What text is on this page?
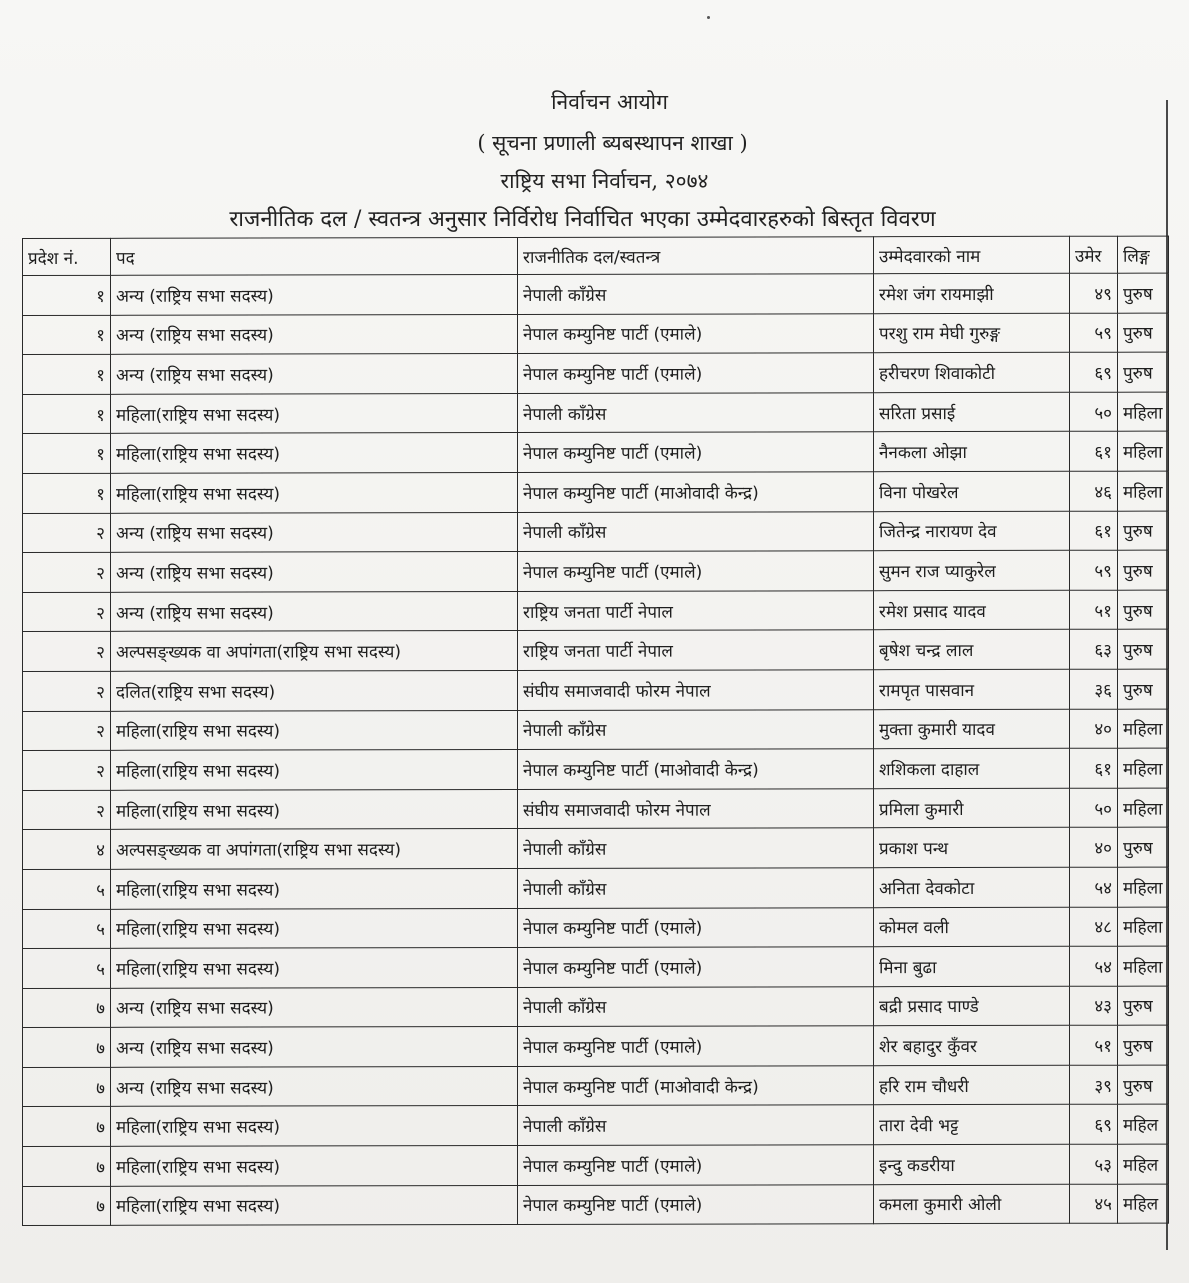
निर्वाचन आयोग
( सूचना प्रणाली ब्यबस्थापन शाखा )
राष्ट्रिय सभा निर्वाचन, २०७४
राजनीतिक दल / स्वतन्त्र अनुसार निर्विरोध निर्वाचित भएका उम्मेदवारहरुको बिस्तृत विवरण
प्रदेश नं.	पद	राजनीतिक दल/स्वतन्त्र	उम्मेदवारको नाम	उमेर	लिङ्ग
१	अन्य (राष्ट्रिय सभा सदस्य)	नेपाली काँग्रेस	रमेश जंग रायमाझी	४९	पुरुष
१	अन्य (राष्ट्रिय सभा सदस्य)	नेपाल कम्युनिष्ट पार्टी (एमाले)	परशु राम मेघी गुरुङ्ग	५९	पुरुष
१	अन्य (राष्ट्रिय सभा सदस्य)	नेपाल कम्युनिष्ट पार्टी (एमाले)	हरीचरण शिवाकोटी	६९	पुरुष
१	महिला(राष्ट्रिय सभा सदस्य)	नेपाली काँग्रेस	सरिता प्रसाई	५०	महिला
१	महिला(राष्ट्रिय सभा सदस्य)	नेपाल कम्युनिष्ट पार्टी (एमाले)	नैनकला ओझा	६१	महिला
१	महिला(राष्ट्रिय सभा सदस्य)	नेपाल कम्युनिष्ट पार्टी (माओवादी केन्द्र)	विना पोखरेल	४६	महिला
२	अन्य (राष्ट्रिय सभा सदस्य)	नेपाली काँग्रेस	जितेन्द्र नारायण देव	६१	पुरुष
२	अन्य (राष्ट्रिय सभा सदस्य)	नेपाल कम्युनिष्ट पार्टी (एमाले)	सुमन राज प्याकुरेल	५९	पुरुष
२	अन्य (राष्ट्रिय सभा सदस्य)	राष्ट्रिय जनता पार्टी नेपाल	रमेश प्रसाद यादव	५१	पुरुष
२	अल्पसङ्ख्यक वा अपांगता(राष्ट्रिय सभा सदस्य)	राष्ट्रिय जनता पार्टी नेपाल	बृषेश चन्द्र लाल	६३	पुरुष
२	दलित(राष्ट्रिय सभा सदस्य)	संघीय समाजवादी फोरम नेपाल	रामपृत पासवान	३६	पुरुष
२	महिला(राष्ट्रिय सभा सदस्य)	नेपाली काँग्रेस	मुक्ता कुमारी यादव	४०	महिला
२	महिला(राष्ट्रिय सभा सदस्य)	नेपाल कम्युनिष्ट पार्टी (माओवादी केन्द्र)	शशिकला दाहाल	६१	महिला
२	महिला(राष्ट्रिय सभा सदस्य)	संघीय समाजवादी फोरम नेपाल	प्रमिला कुमारी	५०	महिला
४	अल्पसङ्ख्यक वा अपांगता(राष्ट्रिय सभा सदस्य)	नेपाली काँग्रेस	प्रकाश पन्थ	४०	पुरुष
५	महिला(राष्ट्रिय सभा सदस्य)	नेपाली काँग्रेस	अनिता देवकोटा	५४	महिला
५	महिला(राष्ट्रिय सभा सदस्य)	नेपाल कम्युनिष्ट पार्टी (एमाले)	कोमल वली	४८	महिला
५	महिला(राष्ट्रिय सभा सदस्य)	नेपाल कम्युनिष्ट पार्टी (एमाले)	मिना बुढा	५४	महिला
७	अन्य (राष्ट्रिय सभा सदस्य)	नेपाली काँग्रेस	बद्री प्रसाद पाण्डे	४३	पुरुष
७	अन्य (राष्ट्रिय सभा सदस्य)	नेपाल कम्युनिष्ट पार्टी (एमाले)	शेर बहादुर कुँवर	५१	पुरुष
७	अन्य (राष्ट्रिय सभा सदस्य)	नेपाल कम्युनिष्ट पार्टी (माओवादी केन्द्र)	हरि राम चौधरी	३९	पुरुष
७	महिला(राष्ट्रिय सभा सदस्य)	नेपाली काँग्रेस	तारा देवी भट्ट	६९	महिल
७	महिला(राष्ट्रिय सभा सदस्य)	नेपाल कम्युनिष्ट पार्टी (एमाले)	इन्दु कडरीया	५३	महिल
७	महिला(राष्ट्रिय सभा सदस्य)	नेपाल कम्युनिष्ट पार्टी (एमाले)	कमला कुमारी ओली	४५	महिल
